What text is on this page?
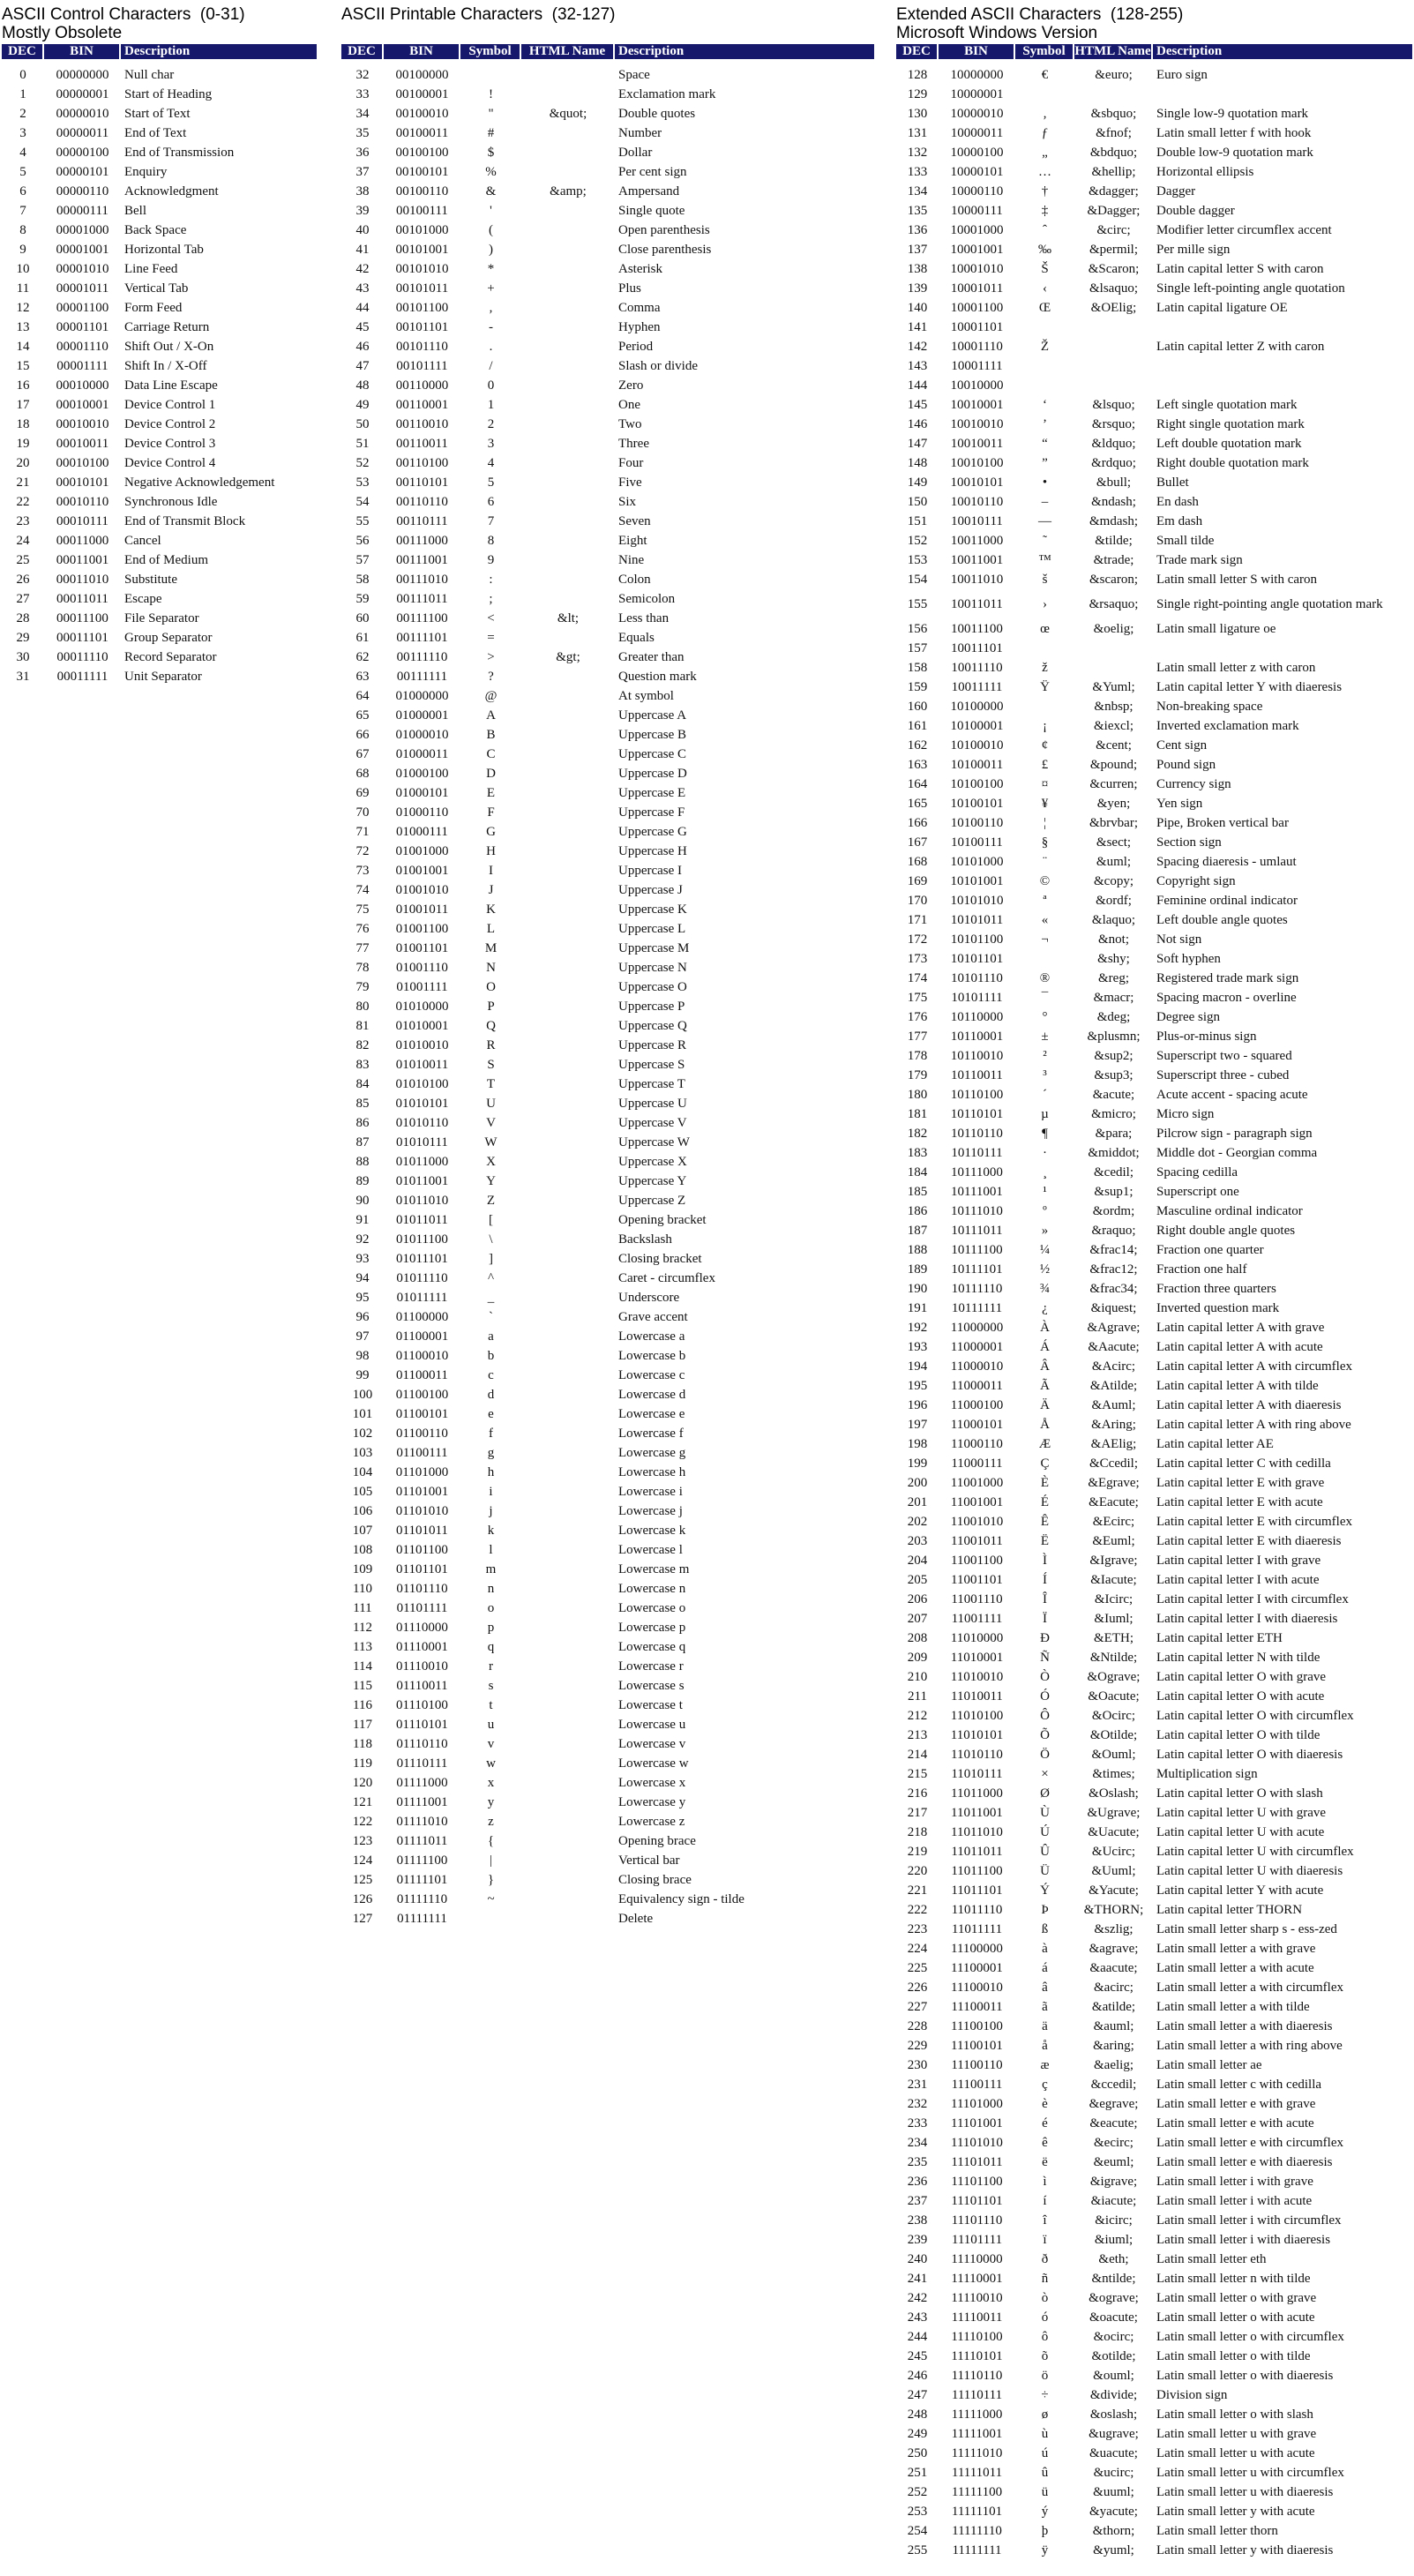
ASCII Control Characters  (0-31)
Mostly Obsolete
DEC	BIN	Description

0	00000000	Null char
1	00000001	Start of Heading
2	00000010	Start of Text
3	00000011	End of Text
4	00000100	End of Transmission
5	00000101	Enquiry
6	00000110	Acknowledgment
7	00000111	Bell
8	00001000	Back Space
9	00001001	Horizontal Tab
10	00001010	Line Feed
11	00001011	Vertical Tab
12	00001100	Form Feed
13	00001101	Carriage Return
14	00001110	Shift Out / X-On
15	00001111	Shift In / X-Off
16	00010000	Data Line Escape
17	00010001	Device Control 1
18	00010010	Device Control 2
19	00010011	Device Control 3
20	00010100	Device Control 4
21	00010101	Negative Acknowledgement
22	00010110	Synchronous Idle
23	00010111	End of Transmit Block
24	00011000	Cancel
25	00011001	End of Medium
26	00011010	Substitute
27	00011011	Escape
28	00011100	File Separator
29	00011101	Group Separator
30	00011110	Record Separator
31	00011111	Unit Separator
ASCII Printable Characters  (32-127)
DEC	BIN	Symbol	HTML Name	Description

32	00100000			Space
33	00100001	!		Exclamation mark
34	00100010	"	&quot;	Double quotes
35	00100011	#		Number
36	00100100	$		Dollar
37	00100101	%		Per cent sign
38	00100110	&	&amp;	Ampersand
39	00100111	'		Single quote
40	00101000	(		Open parenthesis
41	00101001	)		Close parenthesis
42	00101010	*		Asterisk
43	00101011	+		Plus
44	00101100	,		Comma
45	00101101	-		Hyphen
46	00101110	.		Period
47	00101111	/		Slash or divide
48	00110000	0		Zero
49	00110001	1		One
50	00110010	2		Two
51	00110011	3		Three
52	00110100	4		Four
53	00110101	5		Five
54	00110110	6		Six
55	00110111	7		Seven
56	00111000	8		Eight
57	00111001	9		Nine
58	00111010	:		Colon
59	00111011	;		Semicolon
60	00111100	<	&lt;	Less than
61	00111101	=		Equals
62	00111110	>	&gt;	Greater than
63	00111111	?		Question mark
64	01000000	@		At symbol
65	01000001	A		Uppercase A
66	01000010	B		Uppercase B
67	01000011	C		Uppercase C
68	01000100	D		Uppercase D
69	01000101	E		Uppercase E
70	01000110	F		Uppercase F
71	01000111	G		Uppercase G
72	01001000	H		Uppercase H
73	01001001	I		Uppercase I
74	01001010	J		Uppercase J
75	01001011	K		Uppercase K
76	01001100	L		Uppercase L
77	01001101	M		Uppercase M
78	01001110	N		Uppercase N
79	01001111	O		Uppercase O
80	01010000	P		Uppercase P
81	01010001	Q		Uppercase Q
82	01010010	R		Uppercase R
83	01010011	S		Uppercase S
84	01010100	T		Uppercase T
85	01010101	U		Uppercase U
86	01010110	V		Uppercase V
87	01010111	W		Uppercase W
88	01011000	X		Uppercase X
89	01011001	Y		Uppercase Y
90	01011010	Z		Uppercase Z
91	01011011	[		Opening bracket
92	01011100	\		Backslash
93	01011101	]		Closing bracket
94	01011110	^		Caret - circumflex
95	01011111	_		Underscore
96	01100000	`		Grave accent
97	01100001	a		Lowercase a
98	01100010	b		Lowercase b
99	01100011	c		Lowercase c
100	01100100	d		Lowercase d
101	01100101	e		Lowercase e
102	01100110	f		Lowercase f
103	01100111	g		Lowercase g
104	01101000	h		Lowercase h
105	01101001	i		Lowercase i
106	01101010	j		Lowercase j
107	01101011	k		Lowercase k
108	01101100	l		Lowercase l
109	01101101	m		Lowercase m
110	01101110	n		Lowercase n
111	01101111	o		Lowercase o
112	01110000	p		Lowercase p
113	01110001	q		Lowercase q
114	01110010	r		Lowercase r
115	01110011	s		Lowercase s
116	01110100	t		Lowercase t
117	01110101	u		Lowercase u
118	01110110	v		Lowercase v
119	01110111	w		Lowercase w
120	01111000	x		Lowercase x
121	01111001	y		Lowercase y
122	01111010	z		Lowercase z
123	01111011	{		Opening brace
124	01111100	|		Vertical bar
125	01111101	}		Closing brace
126	01111110	~		Equivalency sign - tilde
127	01111111			Delete
Extended ASCII Characters  (128-255)
Microsoft Windows Version
DEC	BIN	Symbol	HTML Name	Description

128	10000000	€	&euro;	Euro sign
129	10000001			
130	10000010	‚	&sbquo;	Single low-9 quotation mark
131	10000011	ƒ	&fnof;	Latin small letter f with hook
132	10000100	„	&bdquo;	Double low-9 quotation mark
133	10000101	…	&hellip;	Horizontal ellipsis
134	10000110	†	&dagger;	Dagger
135	10000111	‡	&Dagger;	Double dagger
136	10001000	ˆ	&circ;	Modifier letter circumflex accent
137	10001001	‰	&permil;	Per mille sign
138	10001010	Š	&Scaron;	Latin capital letter S with caron
139	10001011	‹	&lsaquo;	Single left-pointing angle quotation
140	10001100	Œ	&OElig;	Latin capital ligature OE
141	10001101			
142	10001110	Ž		Latin capital letter Z with caron
143	10001111			
144	10010000			
145	10010001	‘	&lsquo;	Left single quotation mark
146	10010010	’	&rsquo;	Right single quotation mark
147	10010011	“	&ldquo;	Left double quotation mark
148	10010100	”	&rdquo;	Right double quotation mark
149	10010101	•	&bull;	Bullet
150	10010110	–	&ndash;	En dash
151	10010111	—	&mdash;	Em dash
152	10011000	˜	&tilde;	Small tilde
153	10011001	™	&trade;	Trade mark sign
154	10011010	š	&scaron;	Latin small letter S with caron
155	10011011	›	&rsaquo;	Single right-pointing angle quotation mark
156	10011100	œ	&oelig;	Latin small ligature oe
157	10011101			
158	10011110	ž		Latin small letter z with caron
159	10011111	Ÿ	&Yuml;	Latin capital letter Y with diaeresis
160	10100000		&nbsp;	Non-breaking space
161	10100001	¡	&iexcl;	Inverted exclamation mark
162	10100010	¢	&cent;	Cent sign
163	10100011	£	&pound;	Pound sign
164	10100100	¤	&curren;	Currency sign
165	10100101	¥	&yen;	Yen sign
166	10100110	¦	&brvbar;	Pipe, Broken vertical bar
167	10100111	§	&sect;	Section sign
168	10101000	¨	&uml;	Spacing diaeresis - umlaut
169	10101001	©	&copy;	Copyright sign
170	10101010	ª	&ordf;	Feminine ordinal indicator
171	10101011	«	&laquo;	Left double angle quotes
172	10101100	¬	&not;	Not sign
173	10101101		&shy;	Soft hyphen
174	10101110	®	&reg;	Registered trade mark sign
175	10101111	¯	&macr;	Spacing macron - overline
176	10110000	°	&deg;	Degree sign
177	10110001	±	&plusmn;	Plus-or-minus sign
178	10110010	²	&sup2;	Superscript two - squared
179	10110011	³	&sup3;	Superscript three - cubed
180	10110100	´	&acute;	Acute accent - spacing acute
181	10110101	µ	&micro;	Micro sign
182	10110110	¶	&para;	Pilcrow sign - paragraph sign
183	10110111	·	&middot;	Middle dot - Georgian comma
184	10111000	¸	&cedil;	Spacing cedilla
185	10111001	¹	&sup1;	Superscript one
186	10111010	º	&ordm;	Masculine ordinal indicator
187	10111011	»	&raquo;	Right double angle quotes
188	10111100	¼	&frac14;	Fraction one quarter
189	10111101	½	&frac12;	Fraction one half
190	10111110	¾	&frac34;	Fraction three quarters
191	10111111	¿	&iquest;	Inverted question mark
192	11000000	À	&Agrave;	Latin capital letter A with grave
193	11000001	Á	&Aacute;	Latin capital letter A with acute
194	11000010	Â	&Acirc;	Latin capital letter A with circumflex
195	11000011	Ã	&Atilde;	Latin capital letter A with tilde
196	11000100	Ä	&Auml;	Latin capital letter A with diaeresis
197	11000101	Å	&Aring;	Latin capital letter A with ring above
198	11000110	Æ	&AElig;	Latin capital letter AE
199	11000111	Ç	&Ccedil;	Latin capital letter C with cedilla
200	11001000	È	&Egrave;	Latin capital letter E with grave
201	11001001	É	&Eacute;	Latin capital letter E with acute
202	11001010	Ê	&Ecirc;	Latin capital letter E with circumflex
203	11001011	Ë	&Euml;	Latin capital letter E with diaeresis
204	11001100	Ì	&Igrave;	Latin capital letter I with grave
205	11001101	Í	&Iacute;	Latin capital letter I with acute
206	11001110	Î	&Icirc;	Latin capital letter I with circumflex
207	11001111	Ï	&Iuml;	Latin capital letter I with diaeresis
208	11010000	Ð	&ETH;	Latin capital letter ETH
209	11010001	Ñ	&Ntilde;	Latin capital letter N with tilde
210	11010010	Ò	&Ograve;	Latin capital letter O with grave
211	11010011	Ó	&Oacute;	Latin capital letter O with acute
212	11010100	Ô	&Ocirc;	Latin capital letter O with circumflex
213	11010101	Õ	&Otilde;	Latin capital letter O with tilde
214	11010110	Ö	&Ouml;	Latin capital letter O with diaeresis
215	11010111	×	&times;	Multiplication sign
216	11011000	Ø	&Oslash;	Latin capital letter O with slash
217	11011001	Ù	&Ugrave;	Latin capital letter U with grave
218	11011010	Ú	&Uacute;	Latin capital letter U with acute
219	11011011	Û	&Ucirc;	Latin capital letter U with circumflex
220	11011100	Ü	&Uuml;	Latin capital letter U with diaeresis
221	11011101	Ý	&Yacute;	Latin capital letter Y with acute
222	11011110	Þ	&THORN;	Latin capital letter THORN
223	11011111	ß	&szlig;	Latin small letter sharp s - ess-zed
224	11100000	à	&agrave;	Latin small letter a with grave
225	11100001	á	&aacute;	Latin small letter a with acute
226	11100010	â	&acirc;	Latin small letter a with circumflex
227	11100011	ã	&atilde;	Latin small letter a with tilde
228	11100100	ä	&auml;	Latin small letter a with diaeresis
229	11100101	å	&aring;	Latin small letter a with ring above
230	11100110	æ	&aelig;	Latin small letter ae
231	11100111	ç	&ccedil;	Latin small letter c with cedilla
232	11101000	è	&egrave;	Latin small letter e with grave
233	11101001	é	&eacute;	Latin small letter e with acute
234	11101010	ê	&ecirc;	Latin small letter e with circumflex
235	11101011	ë	&euml;	Latin small letter e with diaeresis
236	11101100	ì	&igrave;	Latin small letter i with grave
237	11101101	í	&iacute;	Latin small letter i with acute
238	11101110	î	&icirc;	Latin small letter i with circumflex
239	11101111	ï	&iuml;	Latin small letter i with diaeresis
240	11110000	ð	&eth;	Latin small letter eth
241	11110001	ñ	&ntilde;	Latin small letter n with tilde
242	11110010	ò	&ograve;	Latin small letter o with grave
243	11110011	ó	&oacute;	Latin small letter o with acute
244	11110100	ô	&ocirc;	Latin small letter o with circumflex
245	11110101	õ	&otilde;	Latin small letter o with tilde
246	11110110	ö	&ouml;	Latin small letter o with diaeresis
247	11110111	÷	&divide;	Division sign
248	11111000	ø	&oslash;	Latin small letter o with slash
249	11111001	ù	&ugrave;	Latin small letter u with grave
250	11111010	ú	&uacute;	Latin small letter u with acute
251	11111011	û	&ucirc;	Latin small letter u with circumflex
252	11111100	ü	&uuml;	Latin small letter u with diaeresis
253	11111101	ý	&yacute;	Latin small letter y with acute
254	11111110	þ	&thorn;	Latin small letter thorn
255	11111111	ÿ	&yuml;	Latin small letter y with diaeresis
